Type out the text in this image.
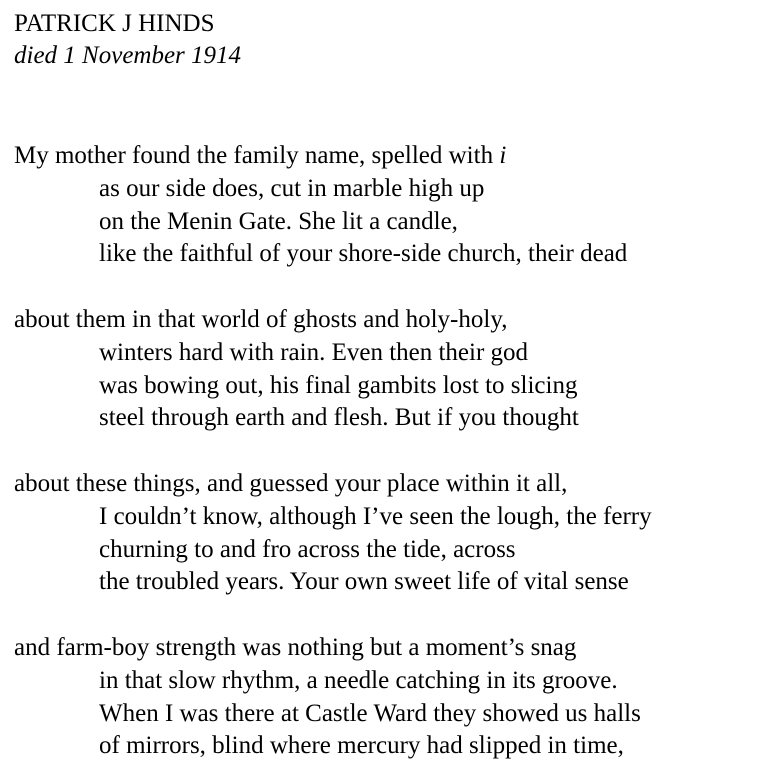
PATRICK J HINDS
died 1 November 1914
My mother found the family name, spelled with i
as our side does, cut in marble high up
on the Menin Gate. She lit a candle,
like the faithful of your shore-side church, their dead
about them in that world of ghosts and holy-holy,
winters hard with rain. Even then their god
was bowing out, his final gambits lost to slicing
steel through earth and flesh. But if you thought
about these things, and guessed your place within it all,
I couldn’t know, although I’ve seen the lough, the ferry
churning to and fro across the tide, across
the troubled years. Your own sweet life of vital sense
and farm-boy strength was nothing but a moment’s snag
in that slow rhythm, a needle catching in its groove.
When I was there at Castle Ward they showed us halls
of mirrors, blind where mercury had slipped in time,
